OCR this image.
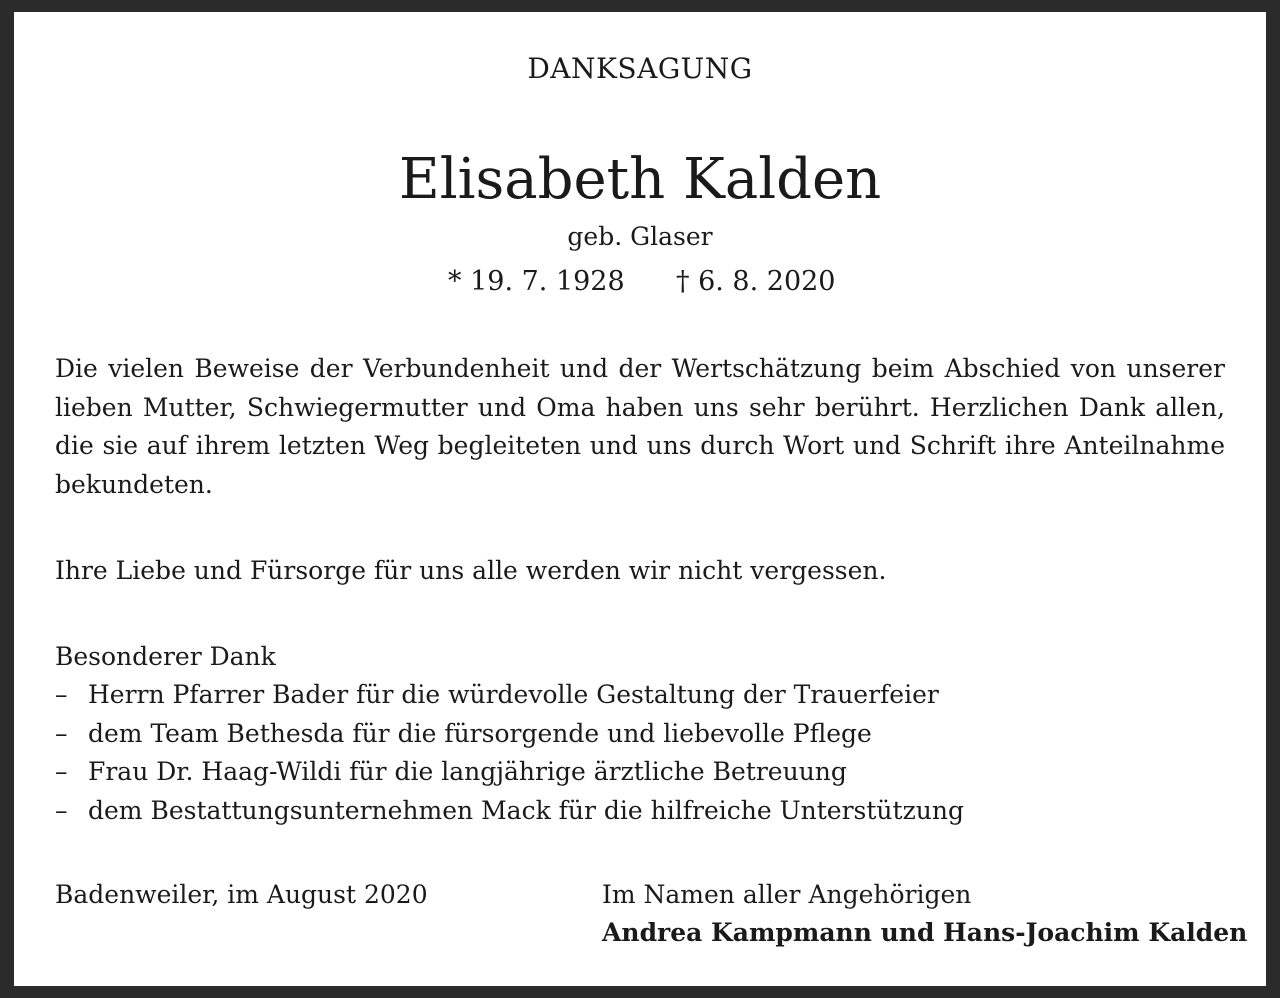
DANKSAGUNG

Elisabeth Kalden

geb. Glaser

* 19. 7. 1928 † 6. 8. 2020

Die vielen Beweise der Verbundenheit und der Wertschätzung beim Abschied von unserer lieben Mutter, Schwiegermutter und Oma haben uns sehr berührt. Herzlichen Dank allen, die sie auf ihrem letzten Weg begleiteten und uns durch Wort und Schrift ihre Anteilnahme bekundeten.

Ihre Liebe und Fürsorge für uns alle werden wir nicht vergessen.

Besonderer Dank

– Herrn Pfarrer Bader für die würdevolle Gestaltung der Trauerfeier
– dem Team Bethesda für die fürsorgende und liebevolle Pflege
– Frau Dr. Haag-Wildi für die langjährige ärztliche Betreuung
– dem Bestattungsunternehmen Mack für die hilfreiche Unterstützung

Badenweiler, im August 2020	Im Namen aller Angehörigen

Andrea Kampmann und Hans-Joachim Kalden
